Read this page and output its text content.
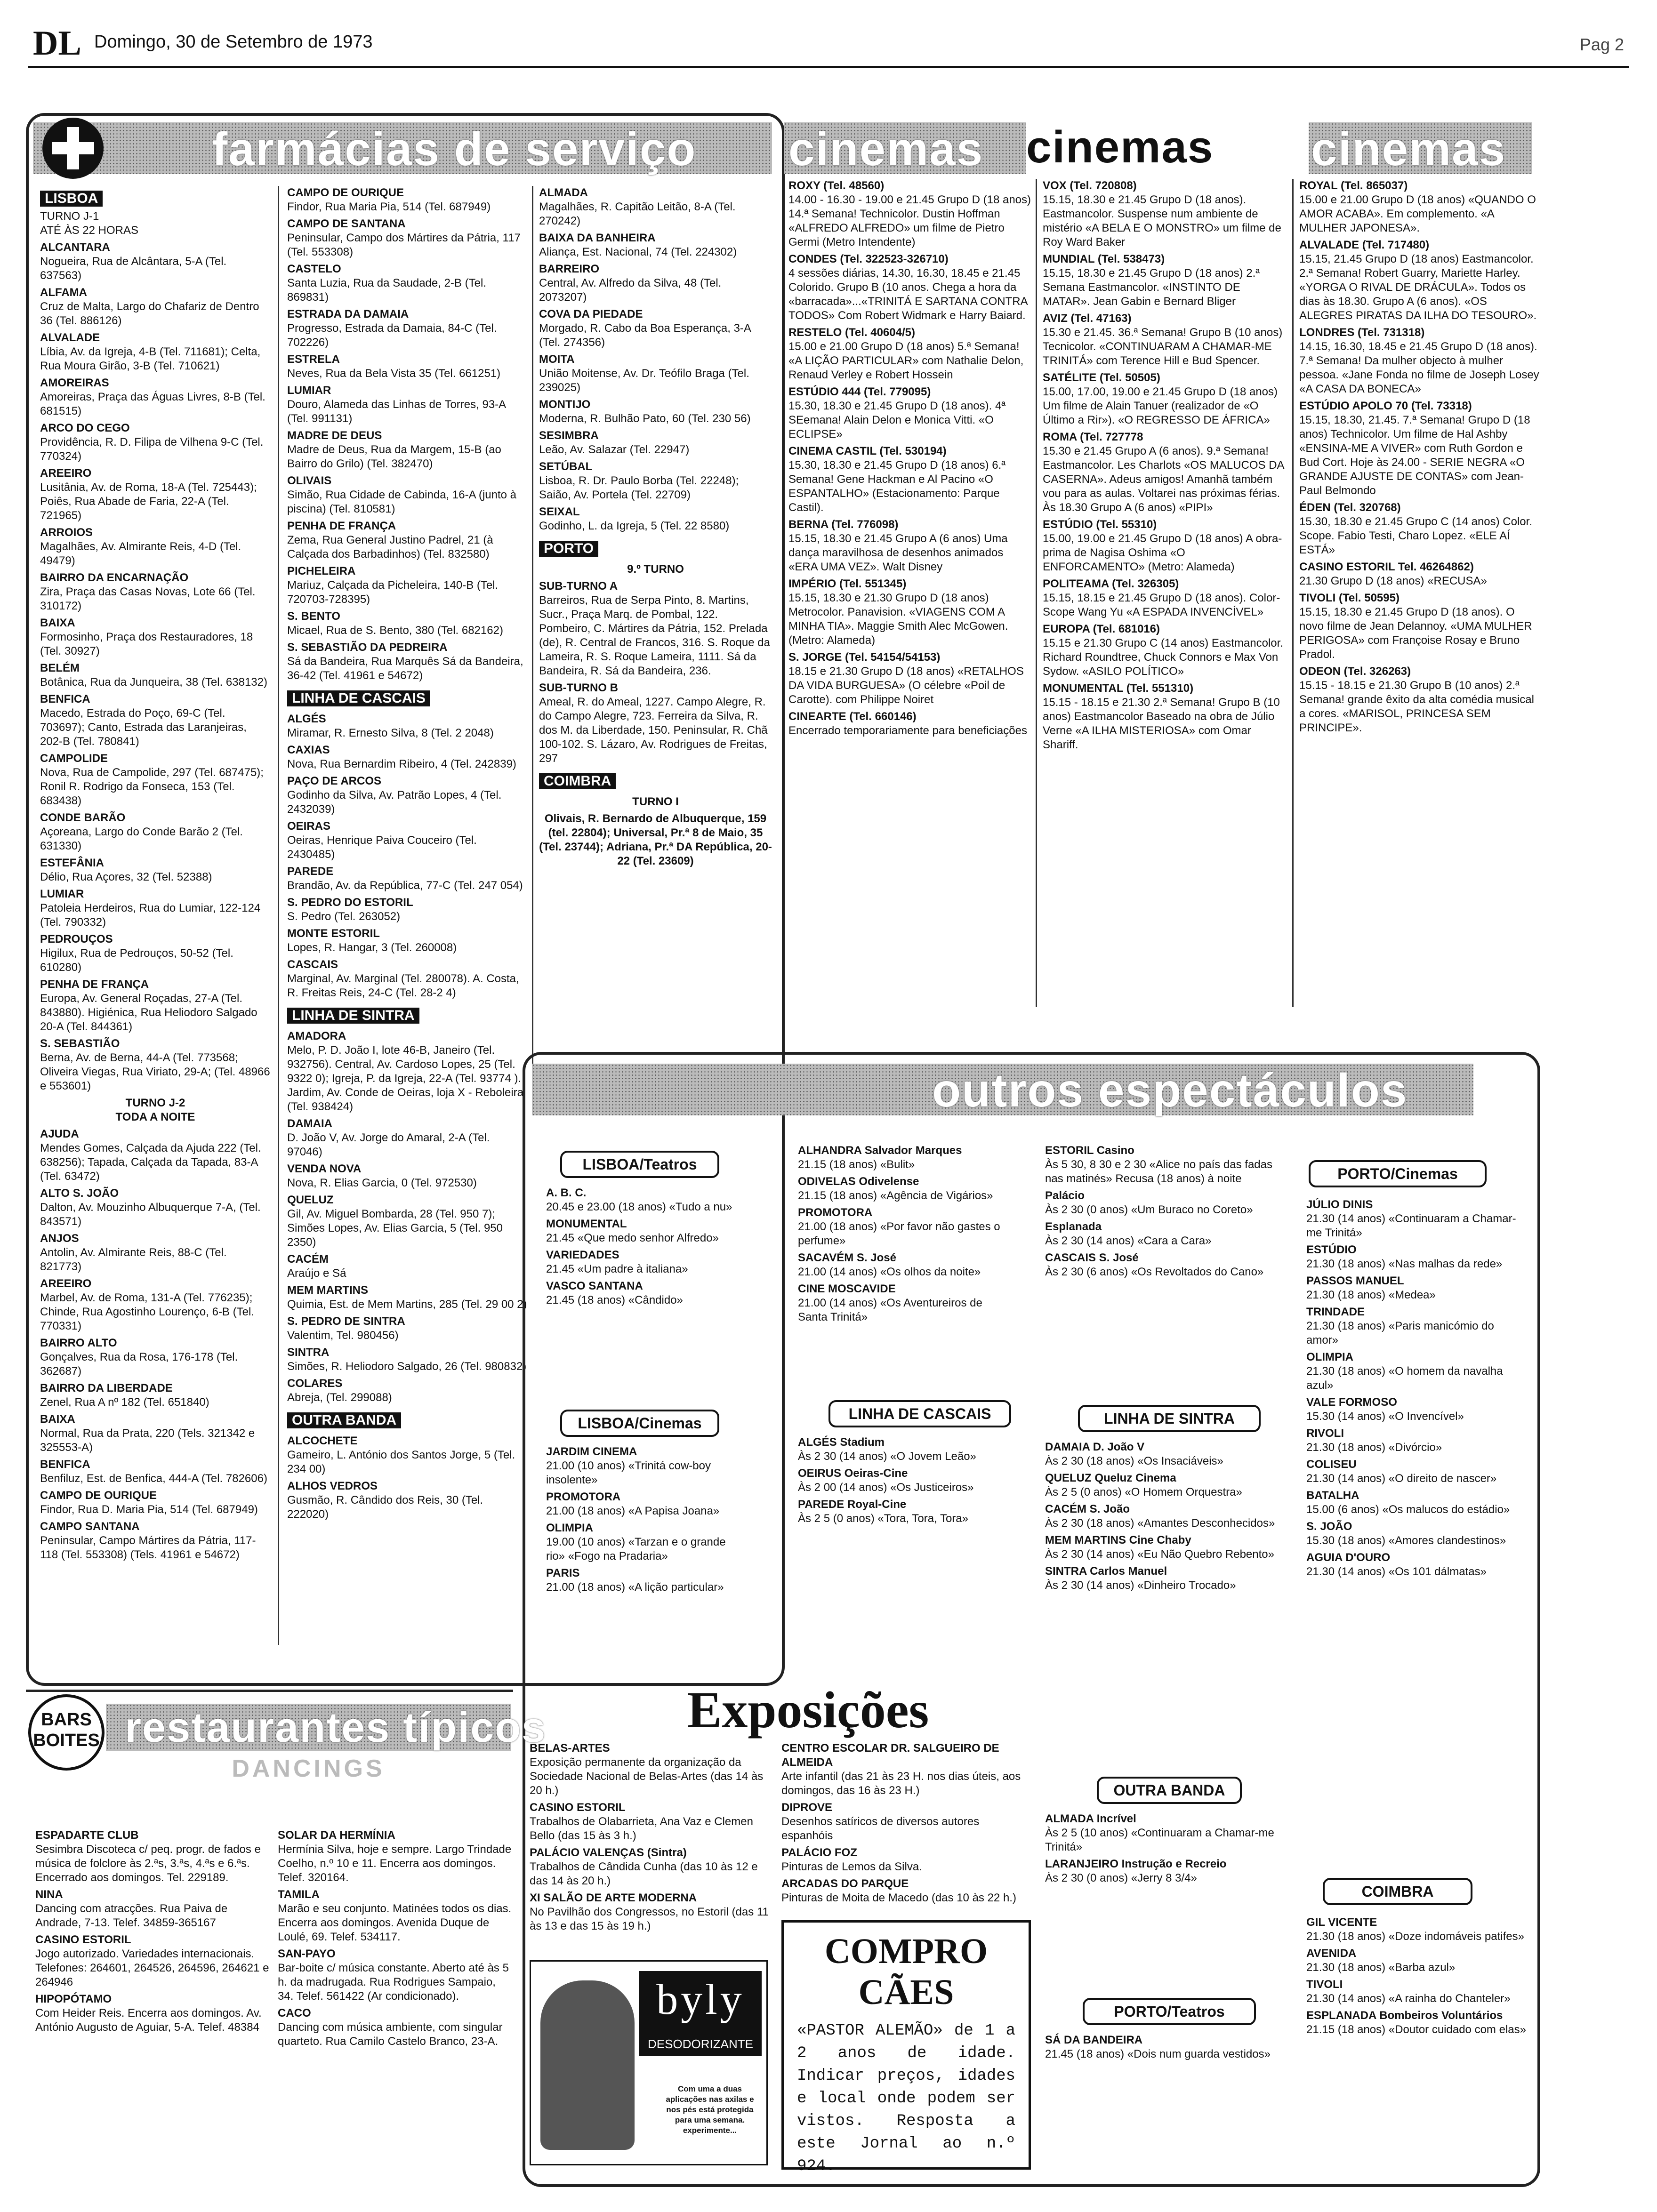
DL Domingo, 30 de Setembro de 1973	Pag 2
farmácias de serviço
LISBOA
TURNO J-1
ATÉ ÀS 22 HORAS
ALCANTARA
Nogueira, Rua de Alcântara, 5-A (Tel. 637563)
ALFAMA
Cruz de Malta, Largo do Chafariz de Dentro 36 (Tel. 886126)
ALVALADE
Líbia, Av. da Igreja, 4-B (Tel. 711681); Celta, Rua Moura Girão, 3-B (Tel. 710621)
AMOREIRAS
Amoreiras, Praça das Águas Livres, 8-B (Tel. 681515)
ARCO DO CEGO
Providência, R. D. Filipa de Vilhena 9-C (Tel. 770324)
AREEIRO
Lusitânia, Av. de Roma, 18-A (Tel. 725443); Poiês, Rua Abade de Faria, 22-A (Tel. 721965)
ARROIOS
Magalhães, Av. Almirante Reis, 4-D (Tel. 49479)
BAIRRO DA ENCARNAÇÃO
Zira, Praça das Casas Novas, Lote 66 (Tel. 310172)
BAIXA
Formosinho, Praça dos Restauradores, 18 (Tel. 30927)
BELÉM
Botânica, Rua da Junqueira, 38 (Tel. 638132)
BENFICA
Macedo, Estrada do Poço, 69-C (Tel. 703697); Canto, Estrada das Laranjeiras, 202-B (Tel. 780841)
CAMPOLIDE
Nova, Rua de Campolide, 297 (Tel. 687475); Ronil R. Rodrigo da Fonseca, 153 (Tel. 683438)
CONDE BARÃO
Açoreana, Largo do Conde Barão 2 (Tel. 631330)
ESTEFÂNIA
Délio, Rua Açores, 32 (Tel. 52388)
LUMIAR
Patoleia Herdeiros, Rua do Lumiar, 122-124 (Tel. 790332)
PEDROUÇOS
Higilux, Rua de Pedrouços, 50-52 (Tel. 610280)
PENHA DE FRANÇA
Europa, Av. General Roçadas, 27-A (Tel. 843880). Higiénica, Rua Heliodoro Salgado 20-A (Tel. 844361)
S. SEBASTIÃO
Berna, Av. de Berna, 44-A (Tel. 773568; Oliveira Viegas, Rua Viriato, 29-A; (Tel. 48966 e 553601)
TURNO J-2
TODA A NOITE
AJUDA
Mendes Gomes, Calçada da Ajuda 222 (Tel. 638256); Tapada, Calçada da Tapada, 83-A (Tel. 63472)
ALTO S. JOÃO
Dalton, Av. Mouzinho Albuquerque 7-A, (Tel. 843571)
ANJOS
Antolin, Av. Almirante Reis, 88-C (Tel. 821773)
AREEIRO
Marbel, Av. de Roma, 131-A (Tel. 776235); Chinde, Rua Agostinho Lourenço, 6-B (Tel. 770331)
BAIRRO ALTO
Gonçalves, Rua da Rosa, 176-178 (Tel. 362687)
BAIRRO DA LIBERDADE
Zenel, Rua A nº 182 (Tel. 651840)
BAIXA
Normal, Rua da Prata, 220 (Tels. 321342 e 325553-A)
BENFICA
Benfiluz, Est. de Benfica, 444-A (Tel. 782606)
CAMPO DE OURIQUE
Findor, Rua D. Maria Pia, 514 (Tel. 687949)
CAMPO SANTANA
Peninsular, Campo Mártires da Pátria, 117-118 (Tel. 553308) (Tels. 41961 e 54672)
CAMPO DE OURIQUE
Findor, Rua Maria Pia, 514 (Tel. 687949)
CAMPO DE SANTANA
Peninsular, Campo dos Mártires da Pátria, 117 (Tel. 553308)
CASTELO
Santa Luzia, Rua da Saudade, 2-B (Tel. 869831)
ESTRADA DA DAMAIA
Progresso, Estrada da Damaia, 84-C (Tel. 702226)
ESTRELA
Neves, Rua da Bela Vista 35 (Tel. 661251)
LUMIAR
Douro, Alameda das Linhas de Torres, 93-A (Tel. 991131)
MADRE DE DEUS
Madre de Deus, Rua da Margem, 15-B (ao Bairro do Grilo) (Tel. 382470)
OLIVAIS
Simão, Rua Cidade de Cabinda, 16-A (junto à piscina) (Tel. 810581)
PENHA DE FRANÇA
Zema, Rua General Justino Padrel, 21 (à Calçada dos Barbadinhos) (Tel. 832580)
PICHELEIRA
Mariuz, Calçada da Picheleira, 140-B (Tel. 720703-728395)
S. BENTO
Micael, Rua de S. Bento, 380 (Tel. 682162)
S. SEBASTIÃO DA PEDREIRA
Sá da Bandeira, Rua Marquês Sá da Bandeira, 36-42 (Tel. 41961 e 54672)
LINHA DE CASCAIS
ALGÉS
Miramar, R. Ernesto Silva, 8 (Tel. 2 2048)
CAXIAS
Nova, Rua Bernardim Ribeiro, 4 (Tel. 242839)
PAÇO DE ARCOS
Godinho da Silva, Av. Patrão Lopes, 4 (Tel. 2432039)
OEIRAS
Oeiras, Henrique Paiva Couceiro (Tel. 2430485)
PAREDE
Brandão, Av. da República, 77-C (Tel. 247 054)
S. PEDRO DO ESTORIL
S. Pedro (Tel. 263052)
MONTE ESTORIL
Lopes, R. Hangar, 3 (Tel. 260008)
CASCAIS
Marginal, Av. Marginal (Tel. 280078). A. Costa, R. Freitas Reis, 24-C (Tel. 28-2 4)
LINHA DE SINTRA
AMADORA
Melo, P. D. João I, lote 46-B, Janeiro (Tel. 932756). Central, Av. Cardoso Lopes, 25 (Tel. 9322 0); Igreja, P. da Igreja, 22-A (Tel. 93774 ). Jardim, Av. Conde de Oeiras, loja X - Reboleira (Tel. 938424)
DAMAIA
D. João V, Av. Jorge do Amaral, 2-A (Tel. 97046)
VENDA NOVA
Nova, R. Elias Garcia, 0 (Tel. 972530)
QUELUZ
Gil, Av. Miguel Bombarda, 28 (Tel. 950 7); Simões Lopes, Av. Elias Garcia, 5 (Tel. 950 2350)
CACÉM
Araújo e Sá
MEM MARTINS
Quimia, Est. de Mem Martins, 285 (Tel. 29 00 2)
S. PEDRO DE SINTRA
Valentim, Tel. 980456)
SINTRA
Simões, R. Heliodoro Salgado, 26 (Tel. 980832)
COLARES
Abreja, (Tel. 299088)
OUTRA BANDA
ALCOCHETE
Gameiro, L. António dos Santos Jorge, 5 (Tel. 234 00)
ALHOS VEDROS
Gusmão, R. Cândido dos Reis, 30 (Tel. 222020)
ALMADA
Magalhães, R. Capitão Leitão, 8-A (Tel. 270242)
BAIXA DA BANHEIRA
Aliança, Est. Nacional, 74 (Tel. 224302)
BARREIRO
Central, Av. Alfredo da Silva, 48 (Tel. 2073207)
COVA DA PIEDADE
Morgado, R. Cabo da Boa Esperança, 3-A (Tel. 274356)
MOITA
União Moitense, Av. Dr. Teófilo Braga (Tel. 239025)
MONTIJO
Moderna, R. Bulhão Pato, 60 (Tel. 230 56)
SESIMBRA
Leão, Av. Salazar (Tel. 22947)
SETÚBAL
Lisboa, R. Dr. Paulo Borba (Tel. 22248); Saião, Av. Portela (Tel. 22709)
SEIXAL
Godinho, L. da Igreja, 5 (Tel. 22 8580)
PORTO
9.º TURNO
SUB-TURNO A
Barreiros, Rua de Serpa Pinto, 8. Martins, Sucr., Praça Marq. de Pombal, 122. Pombeiro, C. Mártires da Pátria, 152. Prelada (de), R. Central de Francos, 316. S. Roque da Lameira, R. S. Roque Lameira, 1111. Sá da Bandeira, R. Sá da Bandeira, 236.
SUB-TURNO B
Ameal, R. do Ameal, 1227. Campo Alegre, R. do Campo Alegre, 723. Ferreira da Silva, R. dos M. da Liberdade, 150. Peninsular, R. Chã 100-102. S. Lázaro, Av. Rodrigues de Freitas, 297
COIMBRA
TURNO I
Olivais, R. Bernardo de Albuquerque, 159 (tel. 22804); Universal, Pr.ª 8 de Maio, 35 (Tel. 23744); Adriana, Pr.ª DA República, 20-22 (Tel. 23609)
cinemas	cinemas
cinemas
ROXY (Tel. 48560)
14.00 - 16.30 - 19.00 e 21.45 Grupo D (18 anos) 14.ª Semana! Technicolor. Dustin Hoffman «ALFREDO ALFREDO» um filme de Pietro Germi (Metro Intendente)
CONDES (Tel. 322523-326710)
4 sessões diárias, 14.30, 16.30, 18.45 e 21.45 Colorido. Grupo B (10 anos. Chega a hora da «barracada»...«TRINITÁ E SARTANA CONTRA TODOS» Com Robert Widmark e Harry Baiard.
RESTELO (Tel. 40604/5)
15.00 e 21.00 Grupo D (18 anos) 5.ª Semana! «A LIÇÃO PARTICULAR» com Nathalie Delon, Renaud Verley e Robert Hossein
ESTÚDIO 444 (Tel. 779095)
15.30, 18.30 e 21.45 Grupo D (18 anos). 4ª SEemana! Alain Delon e Monica Vitti. «O ECLIPSE»
CINEMA CASTIL (Tel. 530194)
15.30, 18.30 e 21.45 Grupo D (18 anos) 6.ª Semana! Gene Hackman e Al Pacino «O ESPANTALHO» (Estacionamento: Parque Castil).
BERNA (Tel. 776098)
15.15, 18.30 e 21.45 Grupo A (6 anos) Uma dança maravilhosa de desenhos animados «ERA UMA VEZ». Walt Disney
IMPÉRIO (Tel. 551345)
15.15, 18.30 e 21.30 Grupo D (18 anos) Metrocolor. Panavision. «VIAGENS COM A MINHA TIA». Maggie Smith Alec McGowen. (Metro: Alameda)
S. JORGE (Tel. 54154/54153)
18.15 e 21.30 Grupo D (18 anos) «RETALHOS DA VIDA BURGUESA» (O célebre «Poil de Carotte). com Philippe Noiret
CINEARTE (Tel. 660146)
Encerrado temporariamente para beneficiações
VOX (Tel. 720808)
15.15, 18.30 e 21.45 Grupo D (18 anos). Eastmancolor. Suspense num ambiente de mistério «A BELA E O MONSTRO» um filme de Roy Ward Baker
MUNDIAL (Tel. 538473)
15.15, 18.30 e 21.45 Grupo D (18 anos) 2.ª Semana Eastmancolor. «INSTINTO DE MATAR». Jean Gabin e Bernard Bliger
AVIZ (Tel. 47163)
15.30 e 21.45. 36.ª Semana! Grupo B (10 anos) Tecnicolor. «CONTINUARAM A CHAMAR-ME TRINITÁ» com Terence Hill e Bud Spencer.
SATÉLITE (Tel. 50505)
15.00, 17.00, 19.00 e 21.45 Grupo D (18 anos) Um filme de Alain Tanuer (realizador de «O Último a Rir»). «O REGRESSO DE ÁFRICA»
ROMA (Tel. 727778
15.30 e 21.45 Grupo A (6 anos). 9.ª Semana! Eastmancolor. Les Charlots «OS MALUCOS DA CASERNA». Adeus amigos! Amanhã também vou para as aulas. Voltarei nas próximas férias. Às 18.30 Grupo A (6 anos) «PIPI»
ESTÚDIO (Tel. 55310)
15.00, 19.00 e 21.45 Grupo D (18 anos) A obra-prima de Nagisa Oshima «O ENFORCAMENTO» (Metro: Alameda)
POLITEAMA (Tel. 326305)
15.15, 18.15 e 21.45 Grupo D (18 anos). Color-Scope Wang Yu «A ESPADA INVENCÍVEL»
EUROPA (Tel. 681016)
15.15 e 21.30 Grupo C (14 anos) Eastmancolor. Richard Roundtree, Chuck Connors e Max Von Sydow. «ASILO POLÍTICO»
MONUMENTAL (Tel. 551310)
15.15 - 18.15 e 21.30 2.ª Semana! Grupo B (10 anos) Eastmancolor Baseado na obra de Júlio Verne «A ILHA MISTERIOSA» com Omar Shariff.
ROYAL (Tel. 865037)
15.00 e 21.00 Grupo D (18 anos) «QUANDO O AMOR ACABA». Em complemento. «A MULHER JAPONESA».
ALVALADE (Tel. 717480)
15.15, 21.45 Grupo D (18 anos) Eastmancolor. 2.ª Semana! Robert Guarry, Mariette Harley. «YORGA O RIVAL DE DRÁCULA». Todos os dias às 18.30. Grupo A (6 anos). «OS ALEGRES PIRATAS DA ILHA DO TESOURO».
LONDRES (Tel. 731318)
14.15, 16.30, 18.45 e 21.45 Grupo D (18 anos). 7.ª Semana! Da mulher objecto à mulher pessoa. «Jane Fonda no filme de Joseph Losey «A CASA DA BONECA»
ESTÚDIO APOLO 70 (Tel. 73318)
15.15, 18.30, 21.45. 7.ª Semana! Grupo D (18 anos) Technicolor. Um filme de Hal Ashby «ENSINA-ME A VIVER» com Ruth Gordon e Bud Cort. Hoje às 24.00 - SERIE NEGRA «O GRANDE AJUSTE DE CONTAS» com Jean-Paul Belmondo
ÉDEN (Tel. 320768)
15.30, 18.30 e 21.45 Grupo C (14 anos) Color. Scope. Fabio Testi, Charo Lopez. «ELE AÍ ESTÁ»
CASINO ESTORIL Tel. 46264862)
21.30 Grupo D (18 anos) «RECUSA»
TIVOLI (Tel. 50595)
15.15, 18.30 e 21.45 Grupo D (18 anos). O novo filme de Jean Delannoy. «UMA MULHER PERIGOSA» com Françoise Rosay e Bruno Pradol.
ODEON (Tel. 326263)
15.15 - 18.15 e 21.30 Grupo B (10 anos) 2.ª Semana! grande êxito da alta comédia musical a cores. «MARISOL, PRINCESA SEM PRINCIPE».
outros espectáculos
LISBOA/Teatros
A. B. C.
20.45 e 23.00 (18 anos) «Tudo a nu»
MONUMENTAL
21.45 «Que medo senhor Alfredo»
VARIEDADES
21.45 «Um padre à italiana»
VASCO SANTANA
21.45 (18 anos) «Cândido»
LISBOA/Cinemas
JARDIM CINEMA
21.00 (10 anos) «Trinitá cow-boy insolente»
PROMOTORA
21.00 (18 anos) «A Papisa Joana»
OLIMPIA
19.00 (10 anos) «Tarzan e o grande rio» «Fogo na Pradaria»
PARIS
21.00 (18 anos) «A lição particular»
ALHANDRA Salvador Marques
21.15 (18 anos) «Bulit»
ODIVELAS Odivelense
21.15 (18 anos) «Agência de Vigários»
PROMOTORA
21.00 (18 anos) «Por favor não gastes o perfume»
SACAVÉM S. José
21.00 (14 anos) «Os olhos da noite»
CINE MOSCAVIDE
21.00 (14 anos) «Os Aventureiros de Santa Trinitá»
LINHA DE CASCAIS
ALGÉS Stadium
Às 2 30 (14 anos) «O Jovem Leão»
OEIRUS Oeiras-Cine
Às 2 00 (14 anos) «Os Justiceiros»
PAREDE Royal-Cine
Às 2 5 (0 anos) «Tora, Tora, Tora»
ESTORIL Casino
Às 5 30, 8 30 e 2 30 «Alice no país das fadas nas matinés» Recusa (18 anos) à noite
Palácio
Às 2 30 (0 anos) «Um Buraco no Coreto»
Esplanada
Às 2 30 (14 anos) «Cara a Cara»
CASCAIS S. José
Às 2 30 (6 anos) «Os Revoltados do Cano»
LINHA DE SINTRA
DAMAIA D. João V
Às 2 30 (18 anos) «Os Insaciáveis»
QUELUZ Queluz Cinema
Às 2 5 (0 anos) «O Homem Orquestra»
CACÉM S. João
Às 2 30 (18 anos) «Amantes Desconhecidos»
MEM MARTINS Cine Chaby
Às 2 30 (14 anos) «Eu Não Quebro Rebento»
SINTRA Carlos Manuel
Às 2 30 (14 anos) «Dinheiro Trocado»
OUTRA BANDA
ALMADA Incrível
Às 2 5 (10 anos) «Continuaram a Chamar-me Trinitá»
LARANJEIRO Instrução e Recreio
Às 2 30 (0 anos) «Jerry 8 3/4»
PORTO/Teatros
SÁ DA BANDEIRA
21.45 (18 anos) «Dois num guarda vestidos»
PORTO/Cinemas
JÚLIO DINIS
21.30 (14 anos) «Continuaram a Chamar-me Trinitá»
ESTÚDIO
21.30 (18 anos) «Nas malhas da rede»
PASSOS MANUEL
21.30 (18 anos) «Medea»
TRINDADE
21.30 (18 anos) «Paris manicómio do amor»
OLIMPIA
21.30 (18 anos) «O homem da navalha azul»
VALE FORMOSO
15.30 (14 anos) «O Invencível»
RIVOLI
21.30 (18 anos) «Divórcio»
COLISEU
21.30 (14 anos) «O direito de nascer»
BATALHA
15.00 (6 anos) «Os malucos do estádio»
S. JOÃO
15.30 (18 anos) «Amores clandestinos»
AGUIA D'OURO
21.30 (14 anos) «Os 101 dálmatas»
COIMBRA
GIL VICENTE
21.30 (18 anos) «Doze indomáveis patifes»
AVENIDA
21.30 (18 anos) «Barba azul»
TIVOLI
21.30 (14 anos) «A rainha do Chanteler»
ESPLANADA Bombeiros Voluntários
21.15 (18 anos) «Doutor cuidado com elas»
BARS
BOITES restaurantes típicos
DANCINGS
ESPADARTE CLUB
Sesimbra Discoteca c/ peq. progr. de fados e música de folclore às 2.ªs, 3.ªs, 4.ªs e 6.ªs. Encerrado aos domingos. Tel. 229189.
NINA
Dancing com atracções. Rua Paiva de Andrade, 7-13. Telef. 34859-365167
CASINO ESTORIL
Jogo autorizado. Variedades internacionais. Telefones: 264601, 264526, 264596, 264621 e 264946
HIPOPÓTAMO
Com Heider Reis. Encerra aos domingos. Av. António Augusto de Aguiar, 5-A. Telef. 48384
SOLAR DA HERMÍNIA
Hermínia Silva, hoje e sempre. Largo Trindade Coelho, n.º 10 e 11. Encerra aos domingos. Telef. 320164.
TAMILA
Marão e seu conjunto. Matinées todos os dias. Encerra aos domingos. Avenida Duque de Loulé, 69. Telef. 534117.
SAN-PAYO
Bar-boite c/ música constante. Aberto até às 5 h. da madrugada. Rua Rodrigues Sampaio, 34. Telef. 561422 (Ar condicionado).
CACO
Dancing com música ambiente, com singular quarteto. Rua Camilo Castelo Branco, 23-A.
Exposições
BELAS-ARTES
Exposição permanente da organização da Sociedade Nacional de Belas-Artes (das 14 às 20 h.)
CASINO ESTORIL
Trabalhos de Olabarrieta, Ana Vaz e Clemen Bello (das 15 às 3 h.)
PALÁCIO VALENÇAS (Sintra)
Trabalhos de Cândida Cunha (das 10 às 12 e das 14 às 20 h.)
XI SALÃO DE ARTE MODERNA
No Pavilhão dos Congressos, no Estoril (das 11 às 13 e das 15 às 19 h.)
CENTRO ESCOLAR DR. SALGUEIRO DE ALMEIDA
Arte infantil (das 21 às 23 H. nos dias úteis, aos domingos, das 16 às 23 H.)
DIPROVE
Desenhos satíricos de diversos autores espanhóis
PALÁCIO FOZ
Pinturas de Lemos da Silva.
ARCADAS DO PARQUE
Pinturas de Moita de Macedo (das 10 às 22 h.)
byly
DESODORIZANTE
Com uma a duas aplicações nas axilas e nos pés está protegida para uma semana. experimente...
COMPRO CÃES
«PASTOR ALEMÃO» de 1 a 2 anos de idade. Indicar preços, idades e local onde podem ser vistos. Resposta a este Jornal ao n.º 924.
